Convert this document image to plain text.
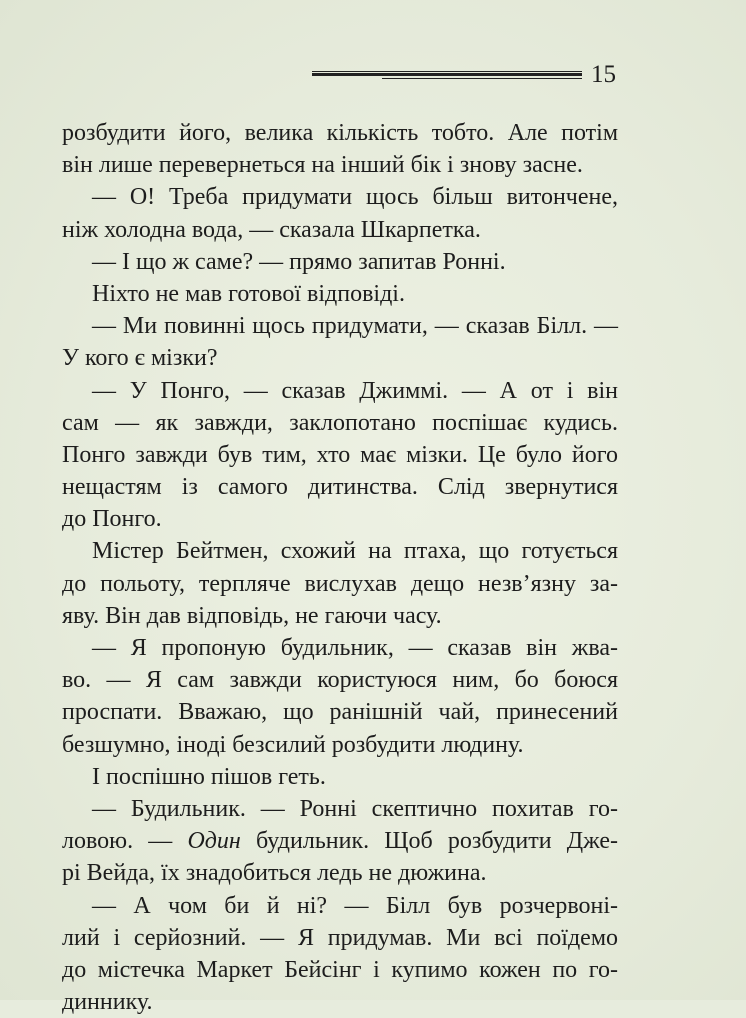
15
розбудити його, велика кількість тобто. Але потім
він лише перевернеться на інший бік і знову засне.
— О! Треба придумати щось більш витончене,
ніж холодна вода, — сказала Шкарпетка.
— І що ж саме? — прямо запитав Ронні.
Ніхто не мав готової відповіді.
— Ми повинні щось придумати, — сказав Білл. —
У кого є мізки?
— У Понго, — сказав Джиммі. — А от і він
сам — як завжди, заклопотано поспішає кудись.
Понго завжди був тим, хто має мізки. Це було його
нещастям із самого дитинства. Слід звернутися
до Понго.
Містер Бейтмен, схожий на птаха, що готується
до польоту, терпляче вислухав дещо незв’язну за-
яву. Він дав відповідь, не гаючи часу.
— Я пропоную будильник, — сказав він жва-
во. — Я сам завжди користуюся ним, бо боюся
проспати. Вважаю, що ранішній чай, принесений
безшумно, іноді безсилий розбудити людину.
І поспішно пішов геть.
— Будильник. — Ронні скептично похитав го-
ловою. — Один будильник. Щоб розбудити Дже-
рі Вейда, їх знадобиться ледь не дюжина.
— А чом би й ні? — Білл був розчервоні-
лий і серйозний. — Я придумав. Ми всі поїдемо
до містечка Маркет Бейсінг і купимо кожен по го-
диннику.
